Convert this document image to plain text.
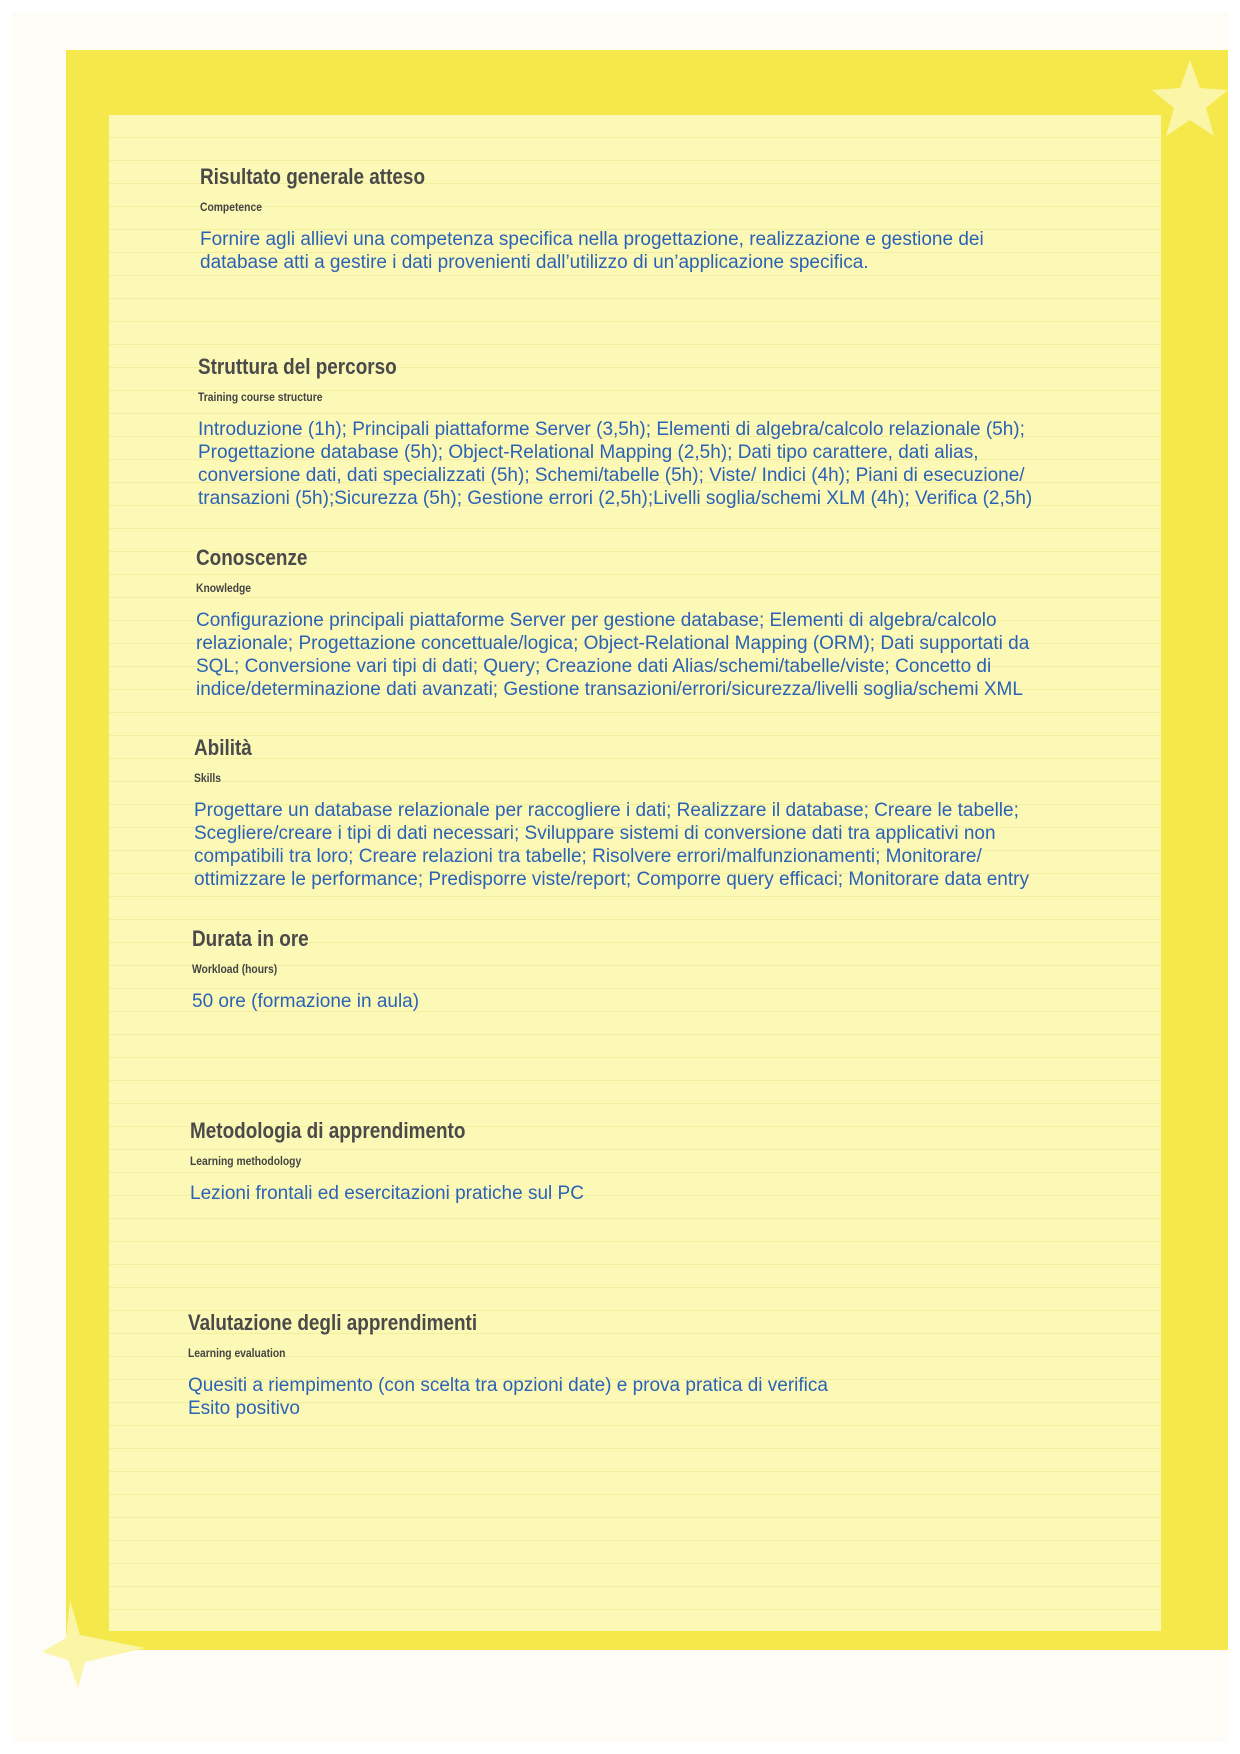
Risultato generale atteso
Competence

Fornire agli allievi una competenza specifica nella progettazione, realizzazione e gestione dei
database atti a gestire i dati provenienti dall’utilizzo di un’applicazione specifica.

Struttura del percorso
Training course structure

Introduzione (1h); Principali piattaforme Server (3,5h); Elementi di algebra/calcolo relazionale (5h);
Progettazione database (5h); Object-Relational Mapping (2,5h); Dati tipo carattere, dati alias,
conversione dati, dati specializzati (5h); Schemi/tabelle (5h); Viste/ Indici (4h); Piani di esecuzione/
transazioni (5h);Sicurezza (5h); Gestione errori (2,5h);Livelli soglia/schemi XLM (4h); Verifica (2,5h)

Conoscenze
Knowledge

Configurazione principali piattaforme Server per gestione database; Elementi di algebra/calcolo
relazionale; Progettazione concettuale/logica; Object-Relational Mapping (ORM); Dati supportati da
SQL; Conversione vari tipi di dati; Query; Creazione dati Alias/schemi/tabelle/viste; Concetto di
indice/determinazione dati avanzati; Gestione transazioni/errori/sicurezza/livelli soglia/schemi XML

Abilità
Skills

Progettare un database relazionale per raccogliere i dati; Realizzare il database; Creare le tabelle;
Scegliere/creare i tipi di dati necessari; Sviluppare sistemi di conversione dati tra applicativi non
compatibili tra loro; Creare relazioni tra tabelle; Risolvere errori/malfunzionamenti; Monitorare/
ottimizzare le performance; Predisporre viste/report; Comporre query efficaci; Monitorare data entry

Durata in ore
Workload (hours)

50 ore (formazione in aula)

Metodologia di apprendimento
Learning methodology

Lezioni frontali ed esercitazioni pratiche sul PC

Valutazione degli apprendimenti
Learning evaluation

Quesiti a riempimento (con scelta tra opzioni date) e prova pratica di verifica
Esito positivo
